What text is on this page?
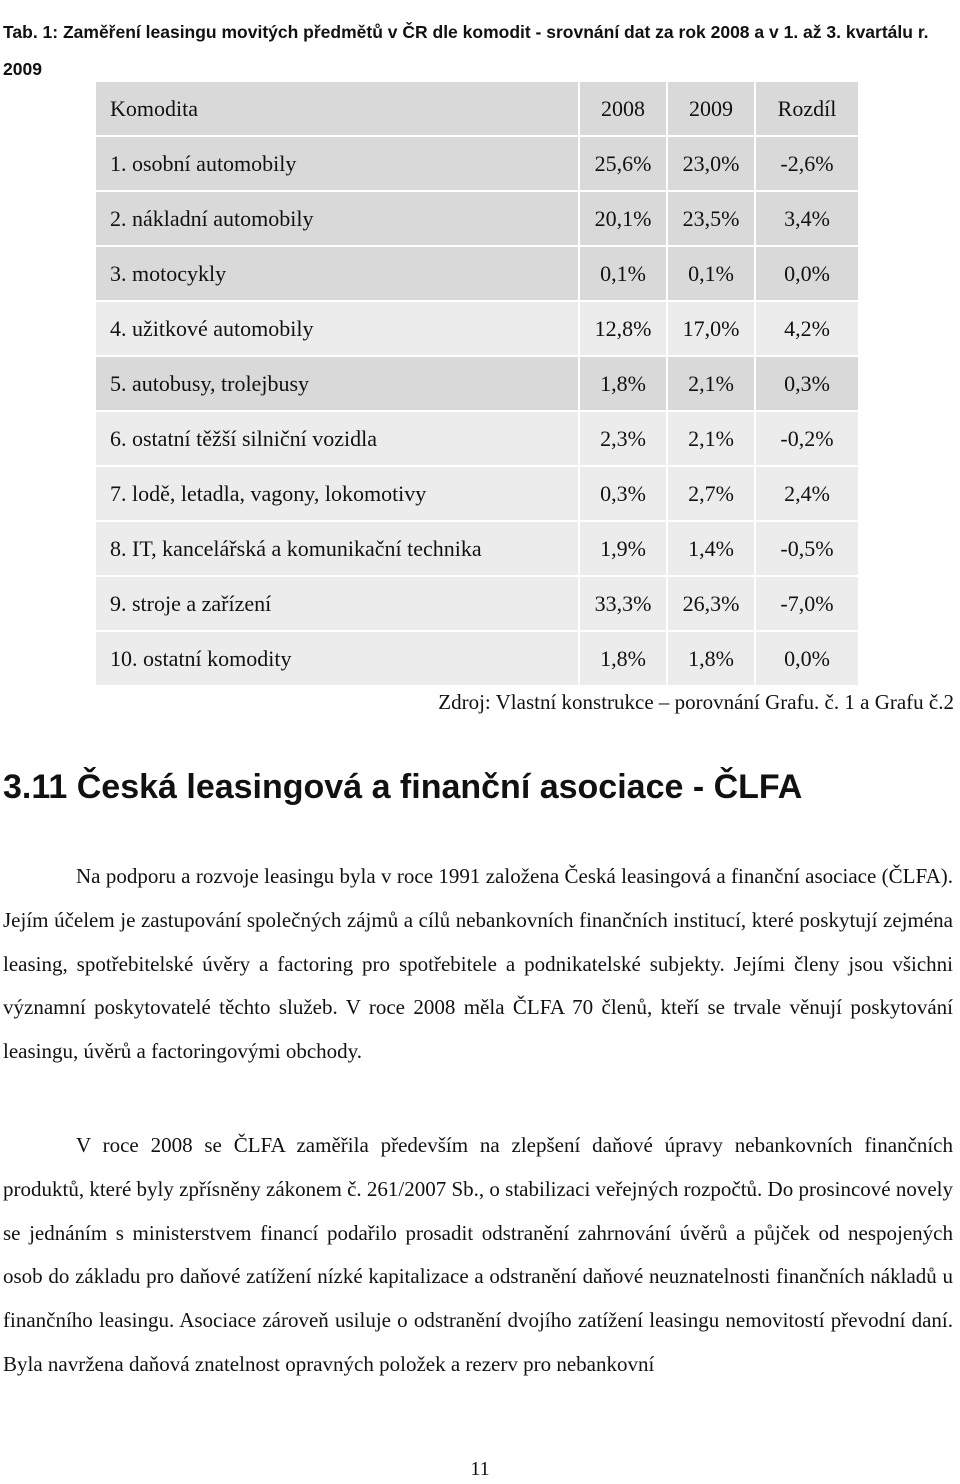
Tab. 1: Zaměření leasingu movitých předmětů v ČR dle komodit - srovnání dat za rok 2008 a v 1. až 3. kvartálu r. 2009
Komodita	2008	2009	Rozdíl
1. osobní automobily	25,6%	23,0%	-2,6%
2. nákladní automobily	20,1%	23,5%	3,4%
3. motocykly	0,1%	0,1%	0,0%
4. užitkové automobily	12,8%	17,0%	4,2%
5. autobusy, trolejbusy	1,8%	2,1%	0,3%
6. ostatní těžší silniční vozidla	2,3%	2,1%	-0,2%
7. lodě, letadla, vagony, lokomotivy	0,3%	2,7%	2,4%
8. IT, kancelářská a komunikační technika	1,9%	1,4%	-0,5%
9. stroje a zařízení	33,3%	26,3%	-7,0%
10. ostatní komodity	1,8%	1,8%	0,0%
Zdroj: Vlastní konstrukce – porovnání Grafu. č. 1 a Grafu č.2
3.11 Česká leasingová a finanční asociace - ČLFA

Na podporu a rozvoje leasingu byla v roce 1991 založena Česká leasingová a finanční asociace (ČLFA). Jejím účelem je zastupování společných zájmů a cílů nebankovních finančních institucí, které poskytují zejména leasing, spotřebitelské úvěry a factoring pro spotřebitele a podnikatelské subjekty. Jejími členy jsou všichni významní poskytovatelé těchto služeb. V roce 2008 měla ČLFA 70 členů, kteří se trvale věnují poskytování leasingu, úvěrů a factoringovými obchody.

V roce 2008 se ČLFA zaměřila především na zlepšení daňové úpravy nebankovních finančních produktů, které byly zpřísněny zákonem č. 261/2007 Sb., o stabilizaci veřejných rozpočtů. Do prosincové novely se jednáním s ministerstvem financí podařilo prosadit odstranění zahrnování úvěrů a půjček od nespojených osob do základu pro daňové zatížení nízké kapitalizace a odstranění daňové neuznatelnosti finančních nákladů u finančního leasingu. Asociace zároveň usiluje o odstranění dvojího zatížení leasingu nemovitostí převodní daní. Byla navržena daňová znatelnost opravných položek a rezerv pro nebankovní

11
